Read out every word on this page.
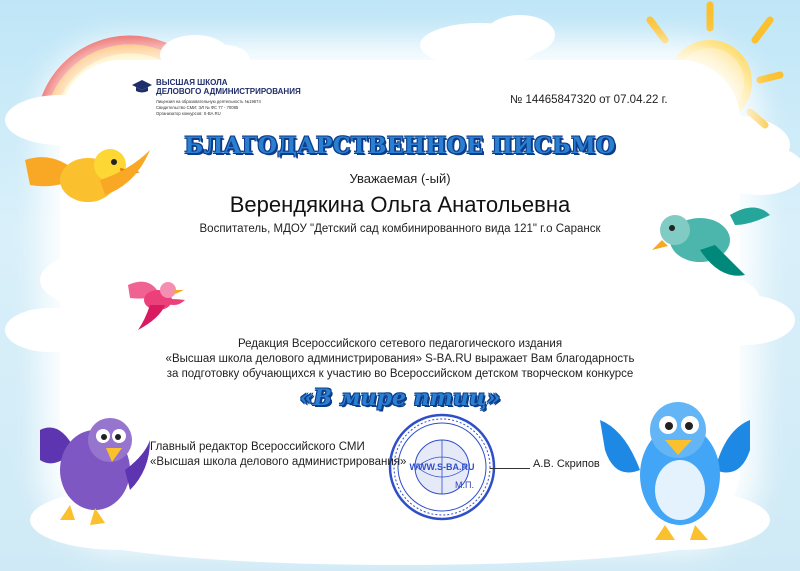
ВЫСШАЯ ШКОЛА
ДЕЛОВОГО АДМИНИСТРИРОВАНИЯ
Лицензия на образовательную деятельность №19674
Свидетельство СМИ: ЭЛ № ФС 77 - 70085
Организатор конкурсов: S-BA.RU
№ 14465847320 от 07.04.22 г.
БЛАГОДАРСТВЕННОЕ ПИСЬМО
Уважаемая (-ый)
Верендякина Ольга Анатольевна
Воспитатель, МДОУ "Детский сад комбинированного вида 121" г.о Саранск
Редакция Всероссийского сетевого педагогического издания
«Высшая школа делового администрирования» S-BA.RU выражает Вам благодарность
за подготовку обучающихся к участию во Всероссийском детском творческом конкурсе
«В мире птиц»
WWW.S-BA.RU
Главный редактор Всероссийского СМИ
«Высшая школа делового администрирования»
М.П.
А.В. Скрипов
